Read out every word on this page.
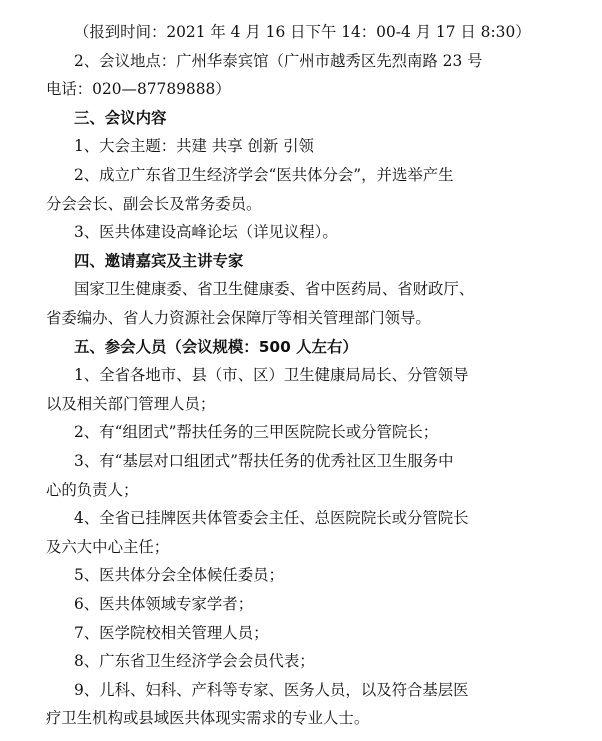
（报到时间：2021 年 4 月 16 日下午 14：00-4 月 17 日 8:30）
2、会议地点：广州华泰宾馆（广州市越秀区先烈南路 23 号
电话：020—87789888）
三、会议内容
1、大会主题：共建 共享 创新 引领
2、成立广东省卫生经济学会“医共体分会”，并选举产生
分会会长、副会长及常务委员。
3、医共体建设高峰论坛（详见议程）。
四、邀请嘉宾及主讲专家
国家卫生健康委、省卫生健康委、省中医药局、省财政厅、
省委编办、省人力资源社会保障厅等相关管理部门领导。
五、参会人员（会议规模：500 人左右）
1、全省各地市、县（市、区）卫生健康局局长、分管领导
以及相关部门管理人员；
2、有“组团式”帮扶任务的三甲医院院长或分管院长；
3、有“基层对口组团式”帮扶任务的优秀社区卫生服务中
心的负责人；
4、全省已挂牌医共体管委会主任、总医院院长或分管院长
及六大中心主任；
5、医共体分会全体候任委员；
6、医共体领域专家学者；
7、医学院校相关管理人员；
8、广东省卫生经济学会会员代表；
9、儿科、妇科、产科等专家、医务人员，以及符合基层医
疗卫生机构或县域医共体现实需求的专业人士。
